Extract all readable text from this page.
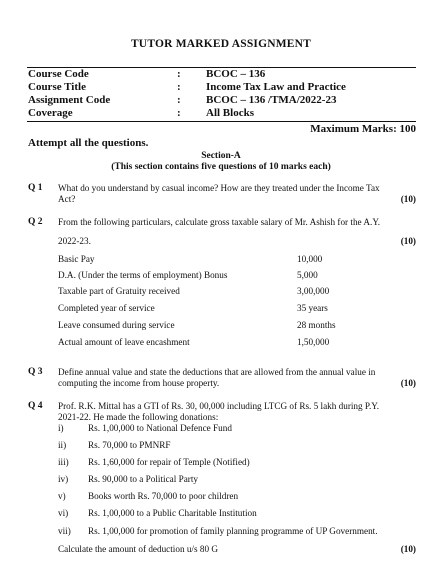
TUTOR MARKED ASSIGNMENT
Course Code	: BCOC – 136
Course Title	: Income Tax Law and Practice
Assignment Code	: BCOC – 136 /TMA/2022-23
Coverage	: All Blocks
Maximum Marks: 100
Attempt all the questions.
Section-A
(This section contains five questions of 10 marks each)
Q 1 What do you understand by casual income? How are they treated under the Income Tax
Act?	(10)
Q 2 From the following particulars, calculate gross taxable salary of Mr. Ashish for the A.Y.
2022-23.	(10)
Basic Pay	10,000
D.A. (Under the terms of employment) Bonus	5,000
Taxable part of Gratuity received	3,00,000
Completed year of service	35 years
Leave consumed during service	28 months
Actual amount of leave encashment	1,50,000
Q 3 Define annual value and state the deductions that are allowed from the annual value in
computing the income from house property.	(10)
Q 4 Prof. R.K. Mittal has a GTI of Rs. 30, 00,000 including LTCG of Rs. 5 lakh during P.Y.
2021-22. He made the following donations:
i)	Rs. 1,00,000 to National Defence Fund
ii) Rs. 70,000 to PMNRF
iii) Rs. 1,60,000 for repair of Temple (Notified)
iv) Rs. 90,000 to a Political Party
v) Books worth Rs. 70,000 to poor children
vi) Rs. 1,00,000 to a Public Charitable Institution
vii) Rs. 1,00,000 for promotion of family planning programme of UP Government.
Calculate the amount of deduction u/s 80 G	(10)
